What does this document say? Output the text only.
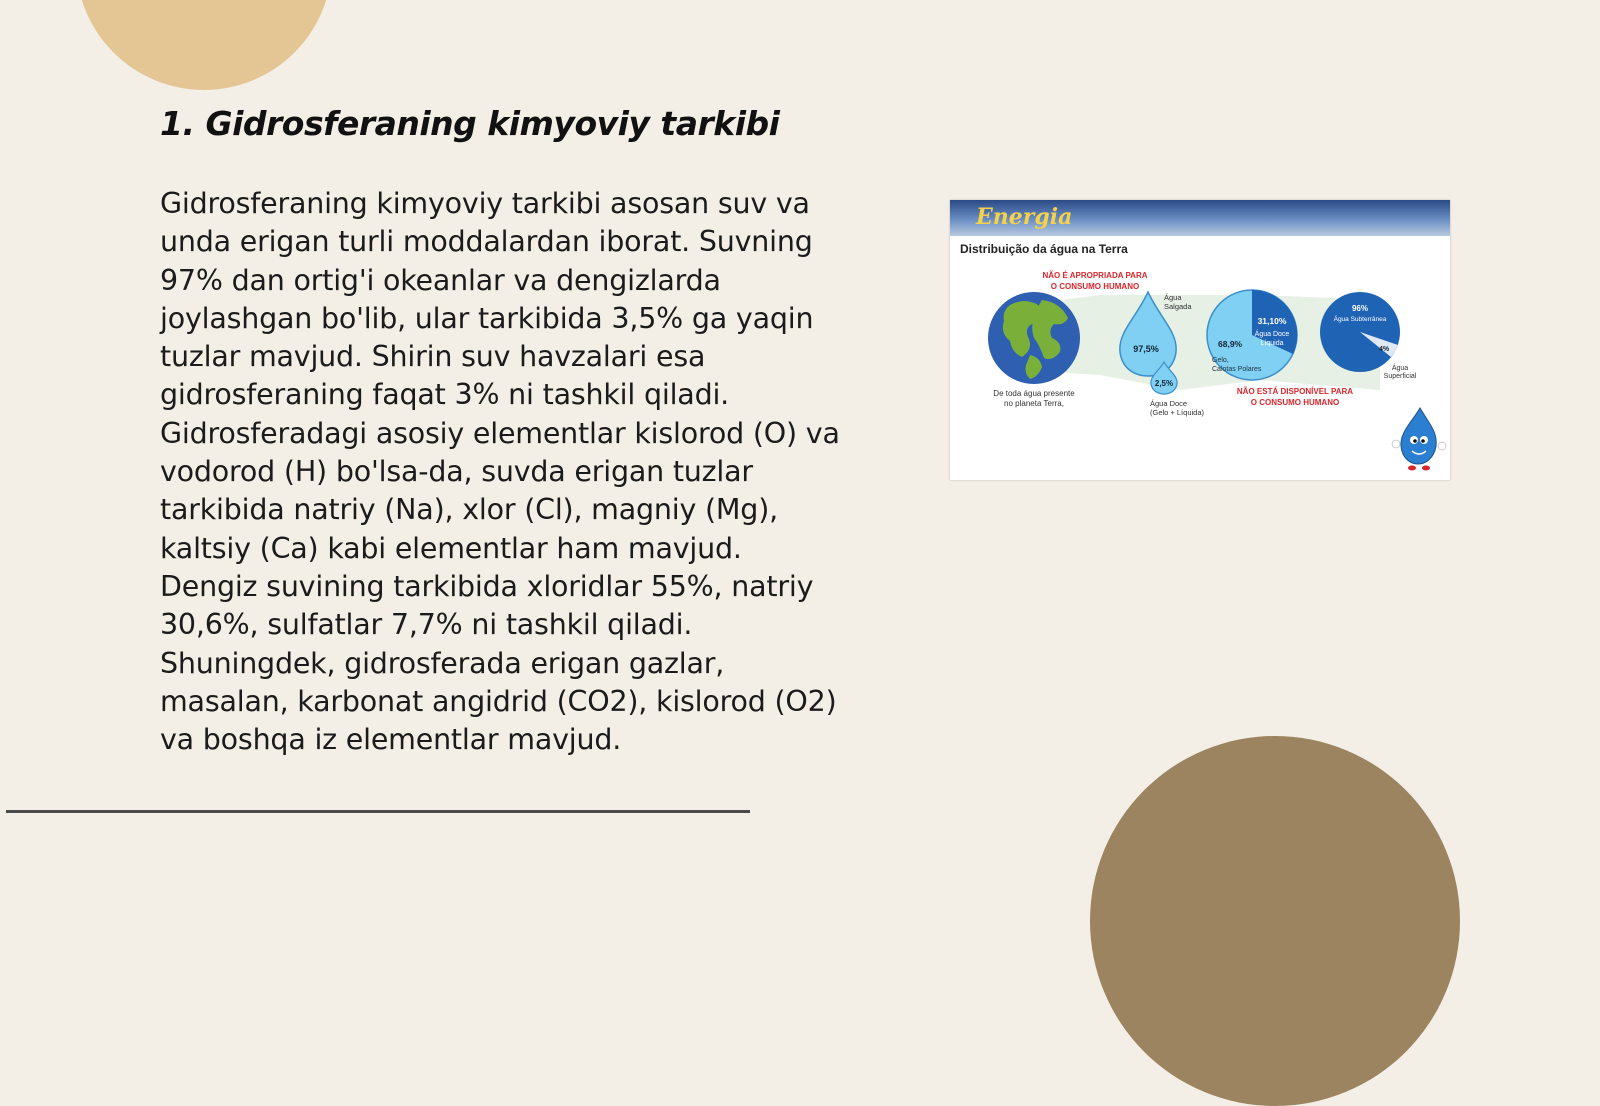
1. Gidrosferaning kimyoviy tarkibi

Gidrosferaning kimyoviy tarkibi asosan suv va unda erigan turli moddalardan iborat. Suvning 97% dan ortig'i okeanlar va dengizlarda joylashgan bo'lib, ular tarkibida 3,5% ga yaqin tuzlar mavjud. Shirin suv havzalari esa gidrosferaning faqat 3% ni tashkil qiladi. Gidrosferadagi asosiy elementlar kislorod (O) va vodorod (H) bo'lsa-da, suvda erigan tuzlar tarkibida natriy (Na), xlor (Cl), magniy (Mg), kaltsiy (Ca) kabi elementlar ham mavjud. Dengiz suvining tarkibida xloridlar 55%, natriy 30,6%, sulfatlar 7,7% ni tashkil qiladi. Shuningdek, gidrosferada erigan gazlar, masalan, karbonat angidrid (CO2), kislorod (O2) va boshqa iz elementlar mavjud.

Energia
Distribuição da água na Terra
De toda água presente
no planeta Terra,
NÃO É APROPRIADA PARA
O CONSUMO HUMANO
97,5%
Água
Salgada
2,5%
Água Doce
(Gelo + Líquida)
68,9%
Gelo,
Calotas Polares
31,10%
Água Doce
Líquida
NÃO ESTÁ DISPONÍVEL PARA
O CONSUMO HUMANO
96%
Água Subterrânea
4%
Água
Superficial
